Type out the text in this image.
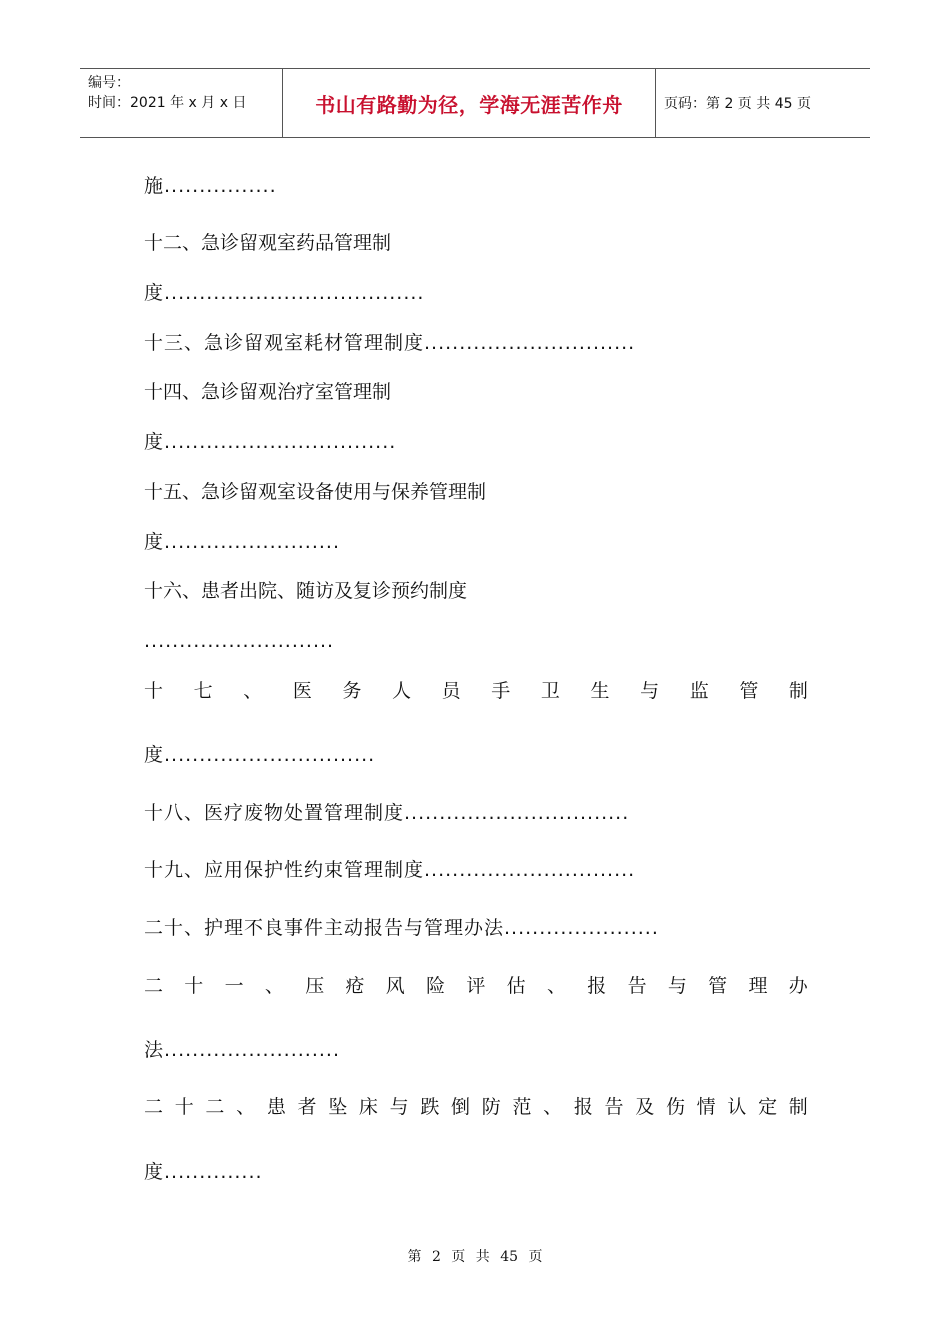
编号：
时间：2021 年 x 月 x 日	书山有路勤为径，学海无涯苦作舟	页码：第 2 页 共 45 页
施................
十二、急诊留观室药品管理制
度.....................................
十三、急诊留观室耗材管理制度..............................
十四、急诊留观治疗室管理制
度.................................
十五、急诊留观室设备使用与保养管理制
度.........................
十六、患者出院、随访及复诊预约制度
...........................
十 七 、 医 务 人 员 手 卫 生 与 监 管 制
度..............................
十八、医疗废物处置管理制度................................
十九、应用保护性约束管理制度..............................
二十、护理不良事件主动报告与管理办法......................
二 十 一 、 压 疮 风 险 评 估 、 报 告 与 管 理 办
法.........................
二 十 二 、 患 者 坠 床 与 跌 倒 防 范 、 报 告 及 伤 情 认 定 制
度..............
第 2 页 共 45 页
